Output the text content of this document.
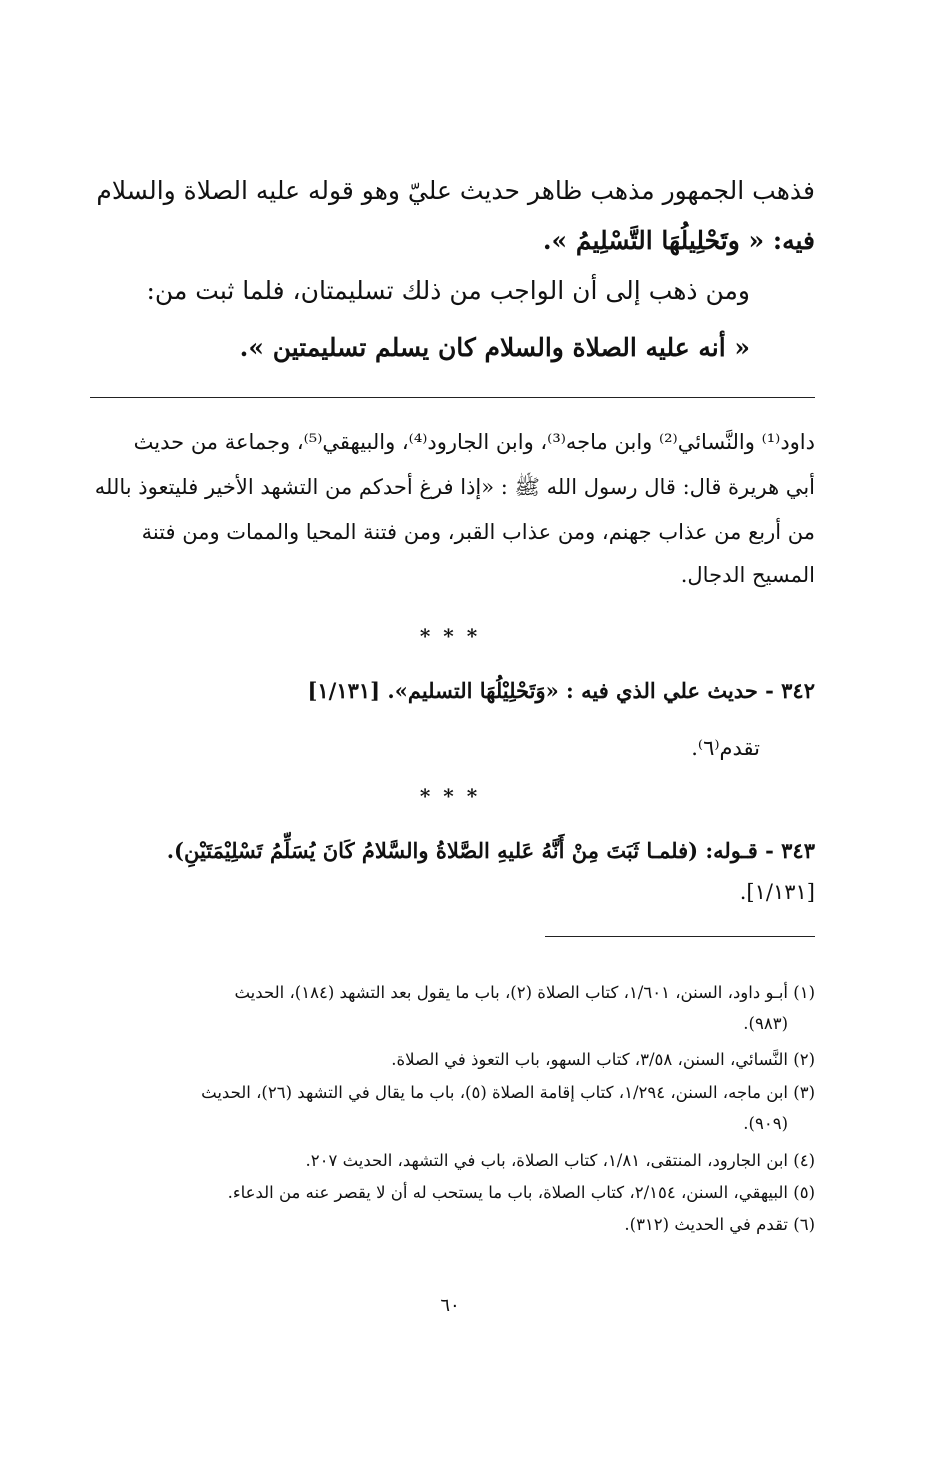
فذهب الجمهور مذهب ظاهر حديث عليّ وهو قوله عليه الصلاة والسلام
فيه: « وتَحْلِيلُهَا التَّسْلِيمُ ».
ومن ذهب إلى أن الواجب من ذلك تسليمتان، فلما ثبت من:
« أنه عليه الصلاة والسلام كان يسلم تسليمتين ».
داود⁽¹⁾ والنَّسائي⁽²⁾ وابن ماجه⁽³⁾، وابن الجارود⁽⁴⁾، والبيهقي⁽⁵⁾، وجماعة من حديث
أبي هريرة قال: قال رسول الله ﷺ : «إذا فرغ أحدكم من التشهد الأخير فليتعوذ بالله
من أربع من عذاب جهنم، ومن عذاب القبر، ومن فتنة المحيا والممات ومن فتنة
المسيح الدجال.
* * *
٣٤٢ - حديث علي الذي فيه : «وَتَحْلِيْلُهَا التسليم». [١/١٣١]
تقدم⁽٦⁾.
* * *
٣٤٣ - قـوله: (فلمـا ثَبَتَ مِنْ أَنَّهُ عَليهِ الصَّلاةُ والسَّلامُ كَانَ يُسَلِّمُ تَسْلِيْمَتَيْنِ).
[١/١٣١].
(١) أبـو داود، السنن، ١/٦٠١، كتاب الصلاة (٢)، باب ما يقول بعد التشهد (١٨٤)، الحديث
(٩٨٣).
(٢) النَّسائي، السنن، ٣/٥٨، كتاب السهو، باب التعوذ في الصلاة.
(٣) ابن ماجه، السنن، ١/٢٩٤، كتاب إقامة الصلاة (٥)، باب ما يقال في التشهد (٢٦)، الحديث
(٩٠٩).
(٤) ابن الجارود، المنتقى، ١/٨١، كتاب الصلاة، باب في التشهد، الحديث ٢٠٧.
(٥) البيهقي، السنن، ٢/١٥٤، كتاب الصلاة، باب ما يستحب له أن لا يقصر عنه من الدعاء.
(٦) تقدم في الحديث (٣١٢).
٦٠
